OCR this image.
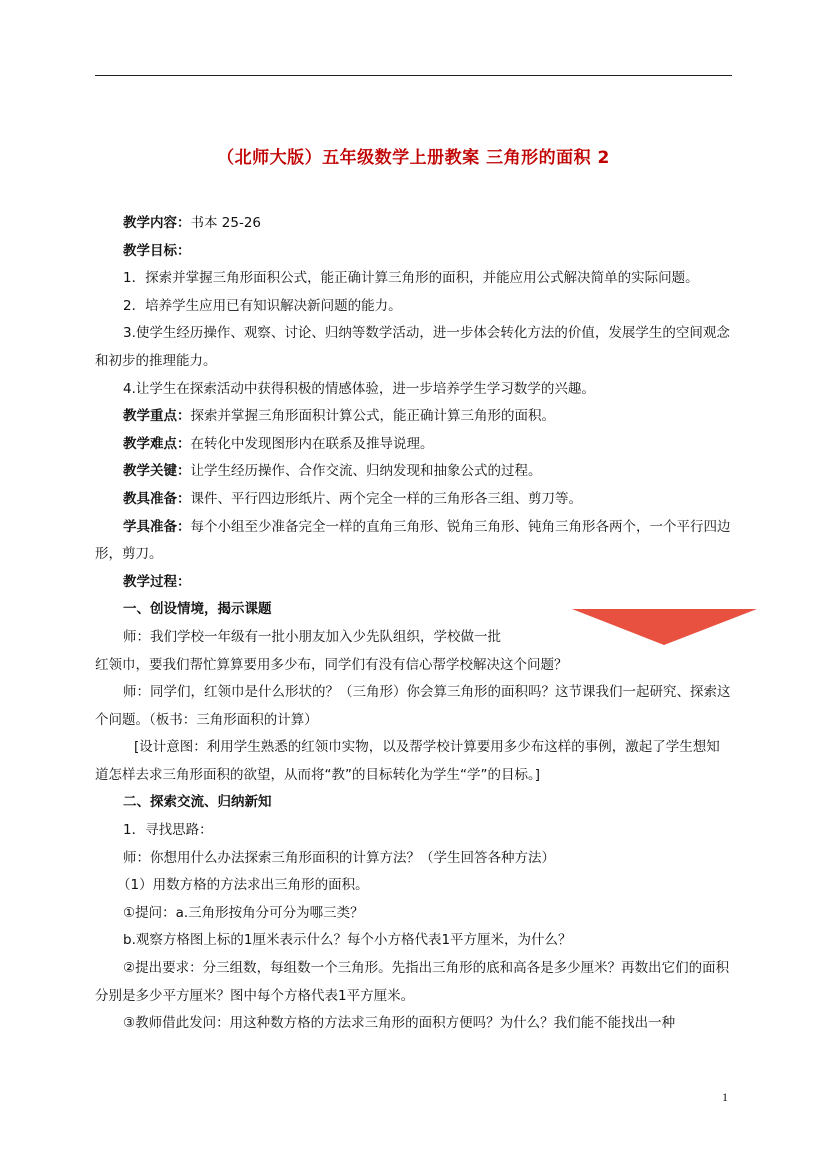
（北师大版）五年级数学上册教案 三角形的面积 2

教学内容：书本 25-26

教学目标：

1．探索并掌握三角形面积公式，能正确计算三角形的面积，并能应用公式解决简单的实际问题。

2．培养学生应用已有知识解决新问题的能力。

3.使学生经历操作、观察、讨论、归纳等数学活动，进一步体会转化方法的价值，发展学生的空间观念和初步的推理能力。

4.让学生在探索活动中获得积极的情感体验，进一步培养学生学习数学的兴趣。

教学重点：探索并掌握三角形面积计算公式，能正确计算三角形的面积。

教学难点：在转化中发现图形内在联系及推导说理。

教学关键：让学生经历操作、合作交流、归纳发现和抽象公式的过程。

教具准备：课件、平行四边形纸片、两个完全一样的三角形各三组、剪刀等。

学具准备：每个小组至少准备完全一样的直角三角形、锐角三角形、钝角三角形各两个，一个平行四边形，剪刀。

教学过程：

一、创设情境，揭示课题

师：我们学校一年级有一批小朋友加入少先队组织，学校做一批

红领巾，要我们帮忙算算要用多少布，同学们有没有信心帮学校解决这个问题？

师：同学们，红领巾是什么形状的？（三角形）你会算三角形的面积吗？这节课我们一起研究、探索这个问题。（板书：三角形面积的计算）

[设计意图：利用学生熟悉的红领巾实物，以及帮学校计算要用多少布这样的事例，激起了学生想知道怎样去求三角形面积的欲望，从而将“教”的目标转化为学生“学”的目标。]

二、探索交流、归纳新知

1．寻找思路：

师：你想用什么办法探索三角形面积的计算方法？（学生回答各种方法）

（1）用数方格的方法求出三角形的面积。

①提问：a.三角形按角分可分为哪三类？

b.观察方格图上标的1厘米表示什么？每个小方格代表1平方厘米，为什么？

②提出要求：分三组数，每组数一个三角形。先指出三角形的底和高各是多少厘米？再数出它们的面积分别是多少平方厘米？图中每个方格代表1平方厘米。

③教师借此发问：用这种数方格的方法求三角形的面积方便吗？为什么？我们能不能找出一种

1
